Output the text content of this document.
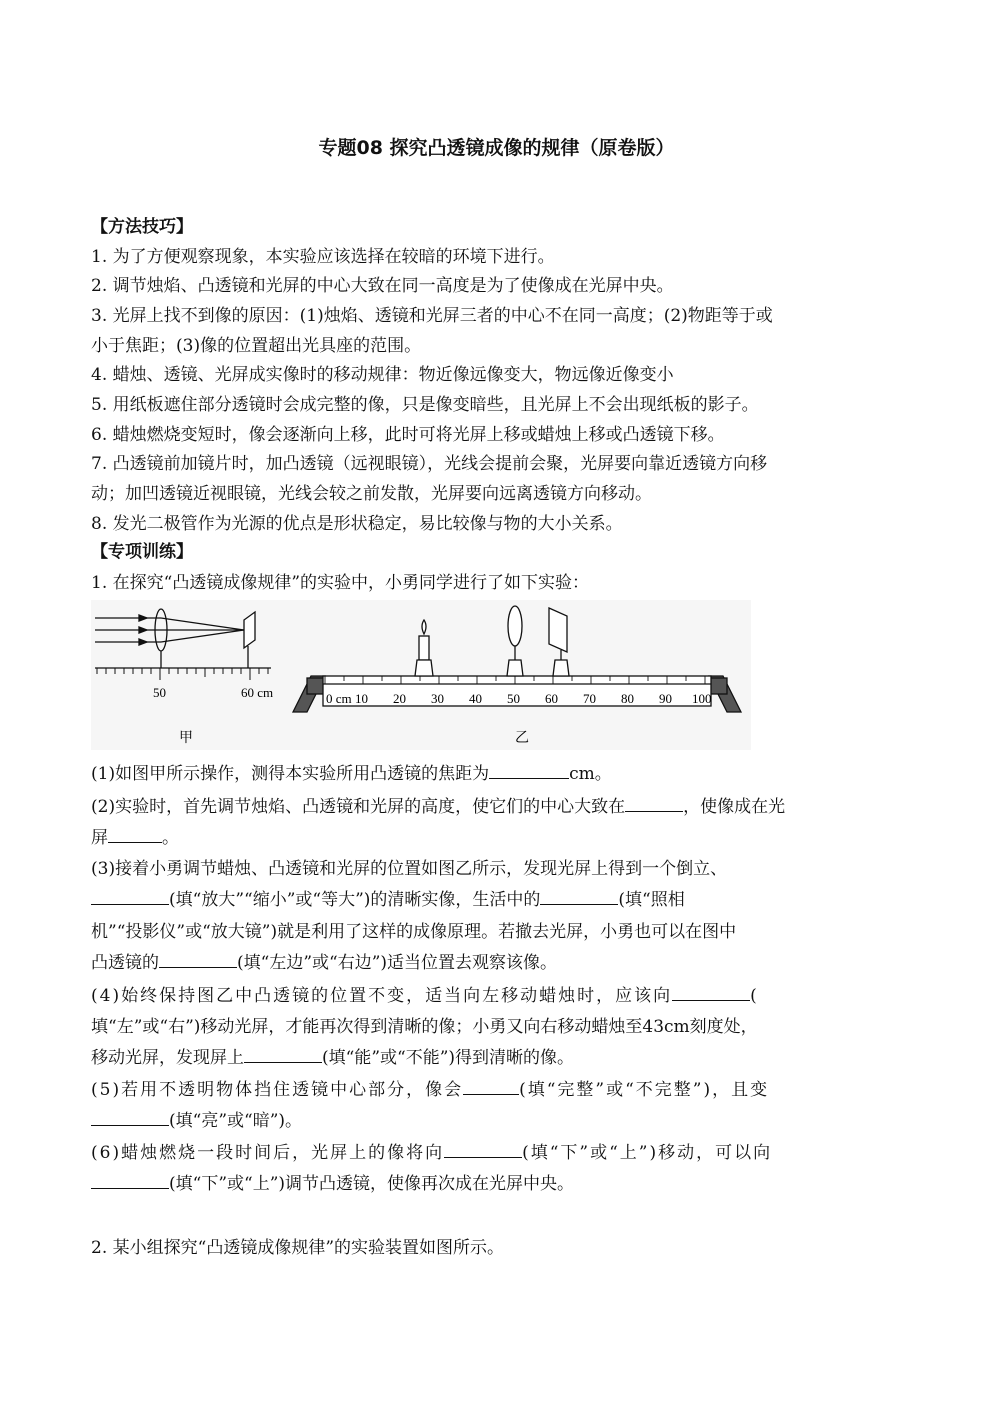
专题08 探究凸透镜成像的规律（原卷版）
【方法技巧】
1. 为了方便观察现象，本实验应该选择在较暗的环境下进行。
2. 调节烛焰、凸透镜和光屏的中心大致在同一高度是为了使像成在光屏中央。
3. 光屏上找不到像的原因：(1)烛焰、透镜和光屏三者的中心不在同一高度；(2)物距等于或
小于焦距；(3)像的位置超出光具座的范围。
4. 蜡烛、透镜、光屏成实像时的移动规律：物近像远像变大，物远像近像变小
5. 用纸板遮住部分透镜时会成完整的像，只是像变暗些，且光屏上不会出现纸板的影子。
6. 蜡烛燃烧变短时，像会逐渐向上移，此时可将光屏上移或蜡烛上移或凸透镜下移。
7. 凸透镜前加镜片时，加凸透镜（远视眼镜），光线会提前会聚，光屏要向靠近透镜方向移
动；加凹透镜近视眼镜，光线会较之前发散，光屏要向远离透镜方向移动。
8. 发光二极管作为光源的优点是形状稳定，易比较像与物的大小关系。
【专项训练】
1. 在探究“凸透镜成像规律”的实验中，小勇同学进行了如下实验：
50	60 cm
甲
0 cm 10 20 30 40 50 60 70 80 90 100
乙
(1)如图甲所示操作，测得本实验所用凸透镜的焦距为	cm。
(2)实验时，首先调节烛焰、凸透镜和光屏的高度，使它们的中心大致在	，使像成在光
屏	。
(3)接着小勇调节蜡烛、凸透镜和光屏的位置如图乙所示，发现光屏上得到一个倒立、
(填“放大”“缩小”或“等大”)的清晰实像，生活中的	(填“照相
机”“投影仪”或“放大镜”)就是利用了这样的成像原理。若撤去光屏，小勇也可以在图中
凸透镜的	(填“左边”或“右边”)适当位置去观察该像。
(4)始终保持图乙中凸透镜的位置不变，适当向左移动蜡烛时，应该向	(
填“左”或“右”)移动光屏，才能再次得到清晰的像；小勇又向右移动蜡烛至43cm刻度处，
移动光屏，发现屏上	(填“能”或“不能”)得到清晰的像。
(5)若用不透明物体挡住透镜中心部分，像会	(填“完整”或“不完整”)，且变
(填“亮”或“暗”)。
(6)蜡烛燃烧一段时间后，光屏上的像将向	(填“下”或“上”)移动，可以向
(填“下”或“上”)调节凸透镜，使像再次成在光屏中央。
2. 某小组探究“凸透镜成像规律”的实验装置如图所示。
